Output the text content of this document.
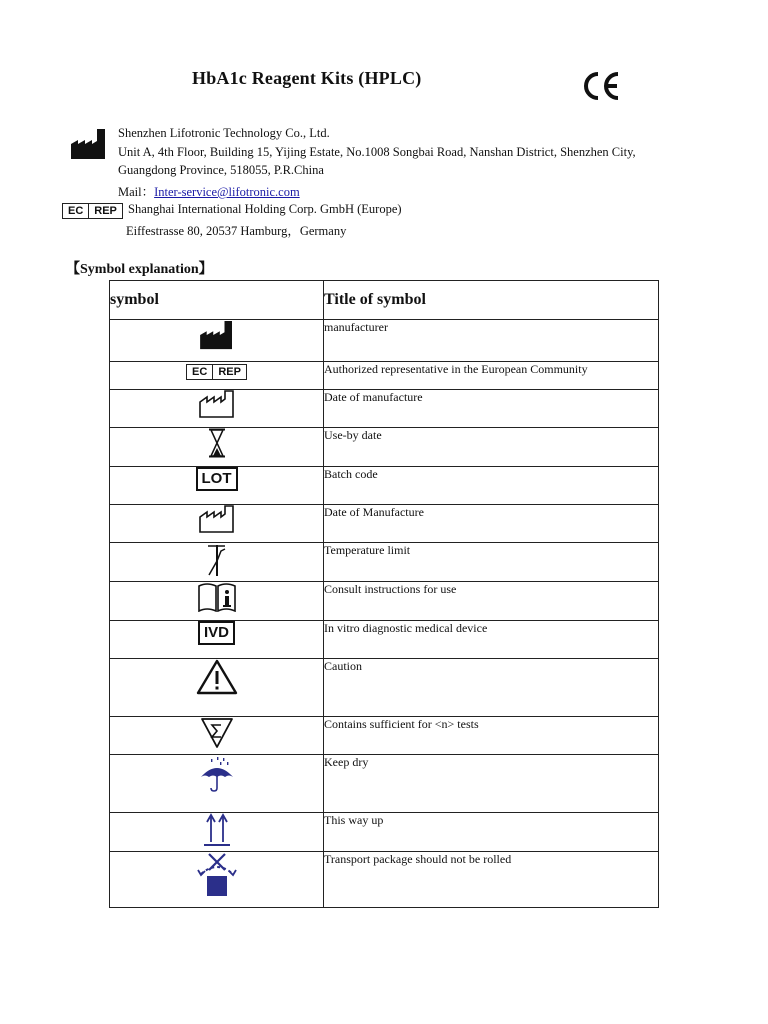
HbA1c Reagent Kits (HPLC)
Shenzhen Lifotronic Technology Co., Ltd.
Unit A, 4th Floor, Building 15, Yijing Estate, No.1008 Songbai Road, Nanshan District, Shenzhen City,
Guangdong Province, 518055, P.R.China
Mail：Inter-service@lifotronic.com
EC	REP Shanghai International Holding Corp. GmbH (Europe)
Eiffestrasse 80, 20537 Hamburg，Germany
【Symbol explanation】
symbol	Title of symbol
	manufacturer

EC REP	Authorized representative in the European Community
	Date of manufacture
	Use-by date
LOT	Batch code
	Date of Manufacture
	Temperature limit
	Consult instructions for use
IVD	In vitro diagnostic medical device
	Caution
	Contains sufficient for <n> tests
	Keep dry
	This way up
	Transport package should not be rolled
